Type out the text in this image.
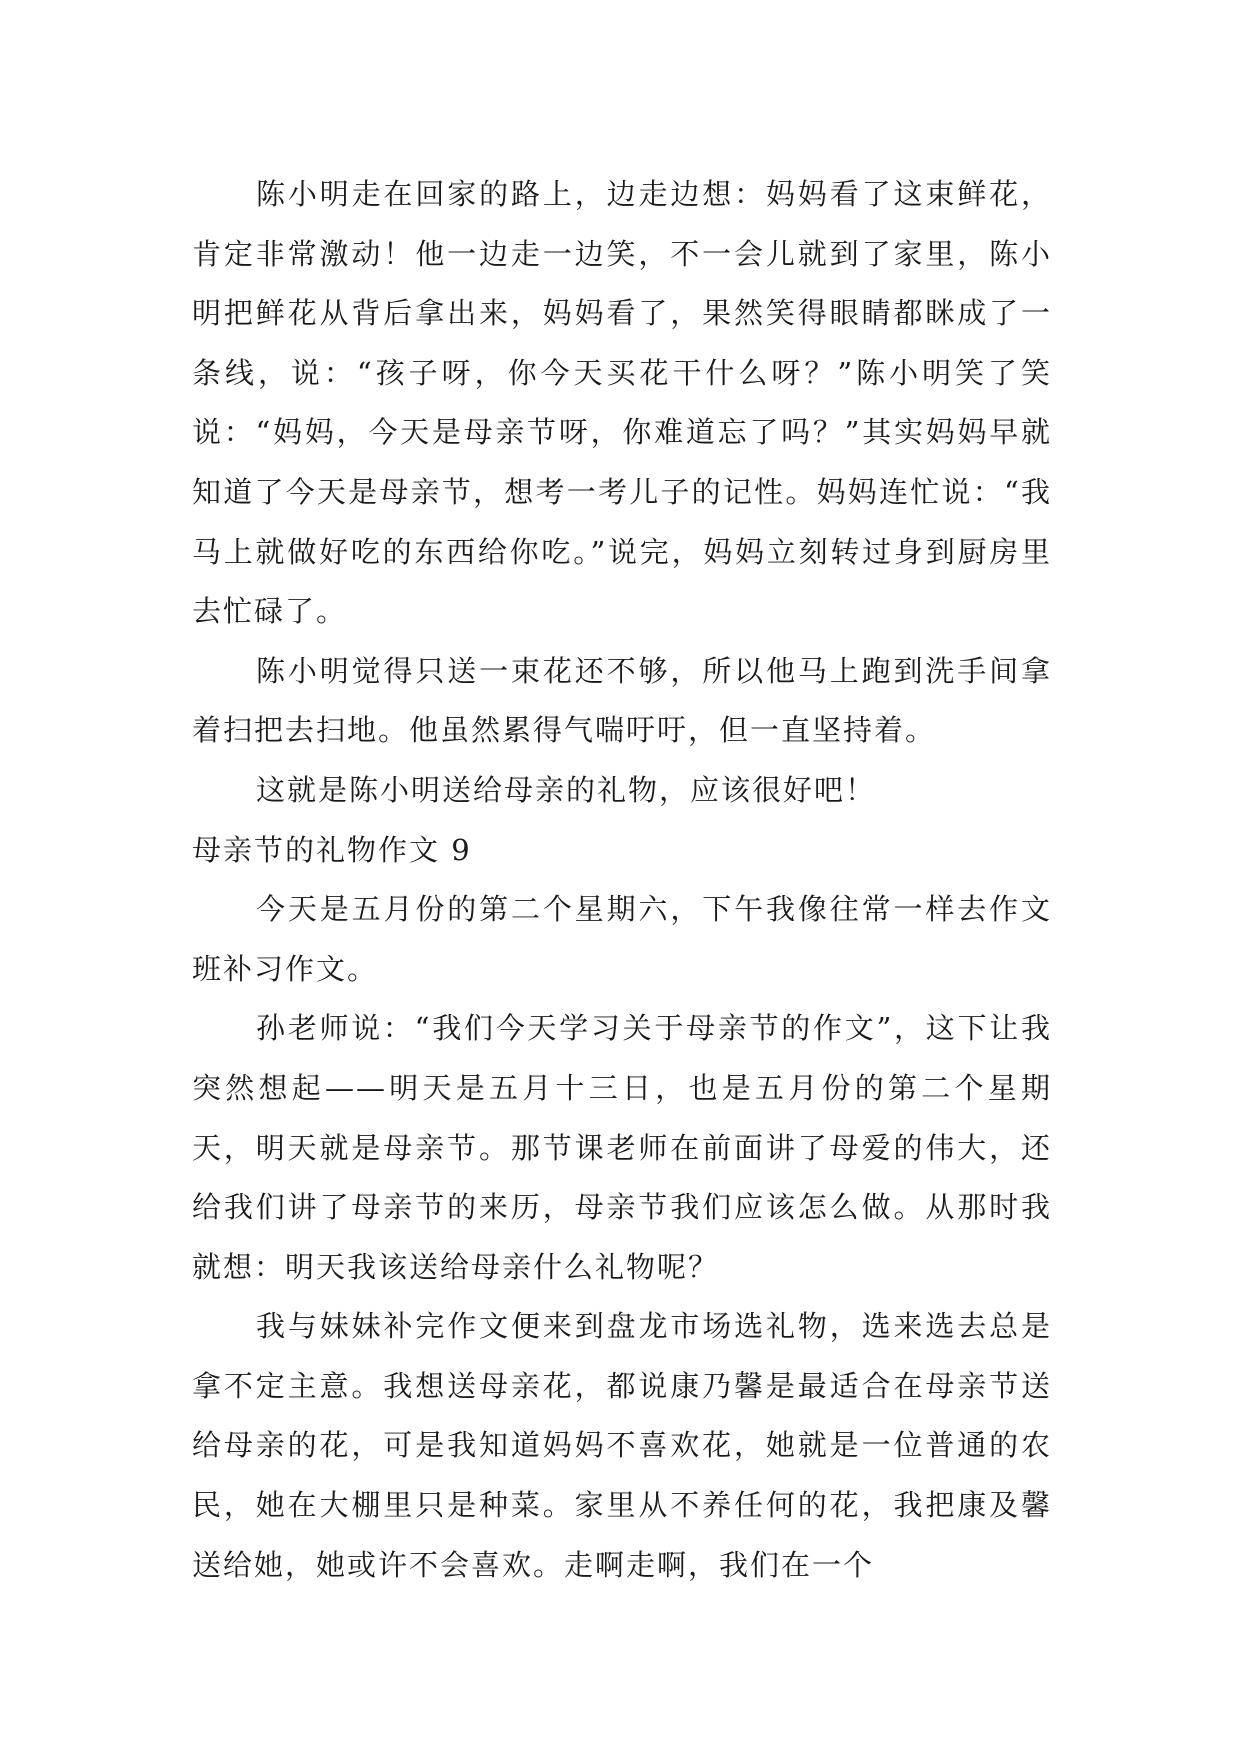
陈小明走在回家的路上，边走边想：妈妈看了这束鲜花，肯定非常激动！他一边走一边笑，不一会儿就到了家里，陈小明把鲜花从背后拿出来，妈妈看了，果然笑得眼睛都眯成了一条线，说：“孩子呀，你今天买花干什么呀？”陈小明笑了笑说：“妈妈，今天是母亲节呀，你难道忘了吗？”其实妈妈早就知道了今天是母亲节，想考一考儿子的记性。妈妈连忙说：“我马上就做好吃的东西给你吃。”说完，妈妈立刻转过身到厨房里去忙碌了。

陈小明觉得只送一束花还不够，所以他马上跑到洗手间拿着扫把去扫地。他虽然累得气喘吁吁，但一直坚持着。

这就是陈小明送给母亲的礼物，应该很好吧！

母亲节的礼物作文 9

今天是五月份的第二个星期六，下午我像往常一样去作文班补习作文。

孙老师说：“我们今天学习关于母亲节的作文”，这下让我突然想起——明天是五月十三日，也是五月份的第二个星期天，明天就是母亲节。那节课老师在前面讲了母爱的伟大，还给我们讲了母亲节的来历，母亲节我们应该怎么做。从那时我就想：明天我该送给母亲什么礼物呢？

我与妹妹补完作文便来到盘龙市场选礼物，选来选去总是拿不定主意。我想送母亲花，都说康乃馨是最适合在母亲节送给母亲的花，可是我知道妈妈不喜欢花，她就是一位普通的农民，她在大棚里只是种菜。家里从不养任何的花，我把康及馨送给她，她或许不会喜欢。走啊走啊，我们在一个
